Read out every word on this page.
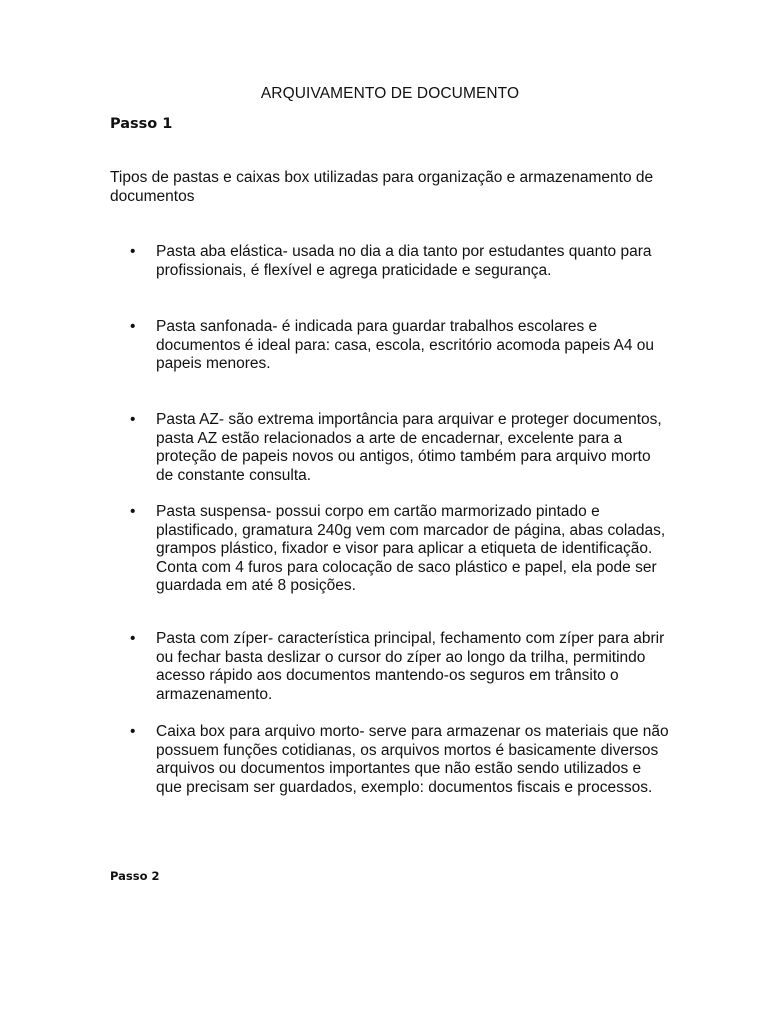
ARQUIVAMENTO DE DOCUMENTO
Passo 1
Tipos de pastas e caixas box utilizadas para organização e armazenamento de documentos
• Pasta aba elástica- usada no dia a dia tanto por estudantes quanto para profissionais, é flexível e agrega praticidade e segurança.
• Pasta sanfonada- é indicada para guardar trabalhos escolares e documentos é ideal para: casa, escola, escritório acomoda papeis A4 ou papeis menores.
• Pasta AZ- são extrema importância para arquivar e proteger documentos, pasta AZ estão relacionados a arte de encadernar, excelente para a proteção de papeis novos ou antigos, ótimo também para arquivo morto de constante consulta.
• Pasta suspensa- possui corpo em cartão marmorizado pintado e plastificado, gramatura 240g vem com marcador de página, abas coladas, grampos plástico, fixador e visor para aplicar a etiqueta de identificação. Conta com 4 furos para colocação de saco plástico e papel, ela pode ser guardada em até 8 posições.
• Pasta com zíper- característica principal, fechamento com zíper para abrir ou fechar basta deslizar o cursor do zíper ao longo da trilha, permitindo acesso rápido aos documentos mantendo-os seguros em trânsito o armazenamento.
• Caixa box para arquivo morto- serve para armazenar os materiais que não possuem funções cotidianas, os arquivos mortos é basicamente diversos arquivos ou documentos importantes que não estão sendo utilizados e que precisam ser guardados, exemplo: documentos fiscais e processos.
Passo 2
